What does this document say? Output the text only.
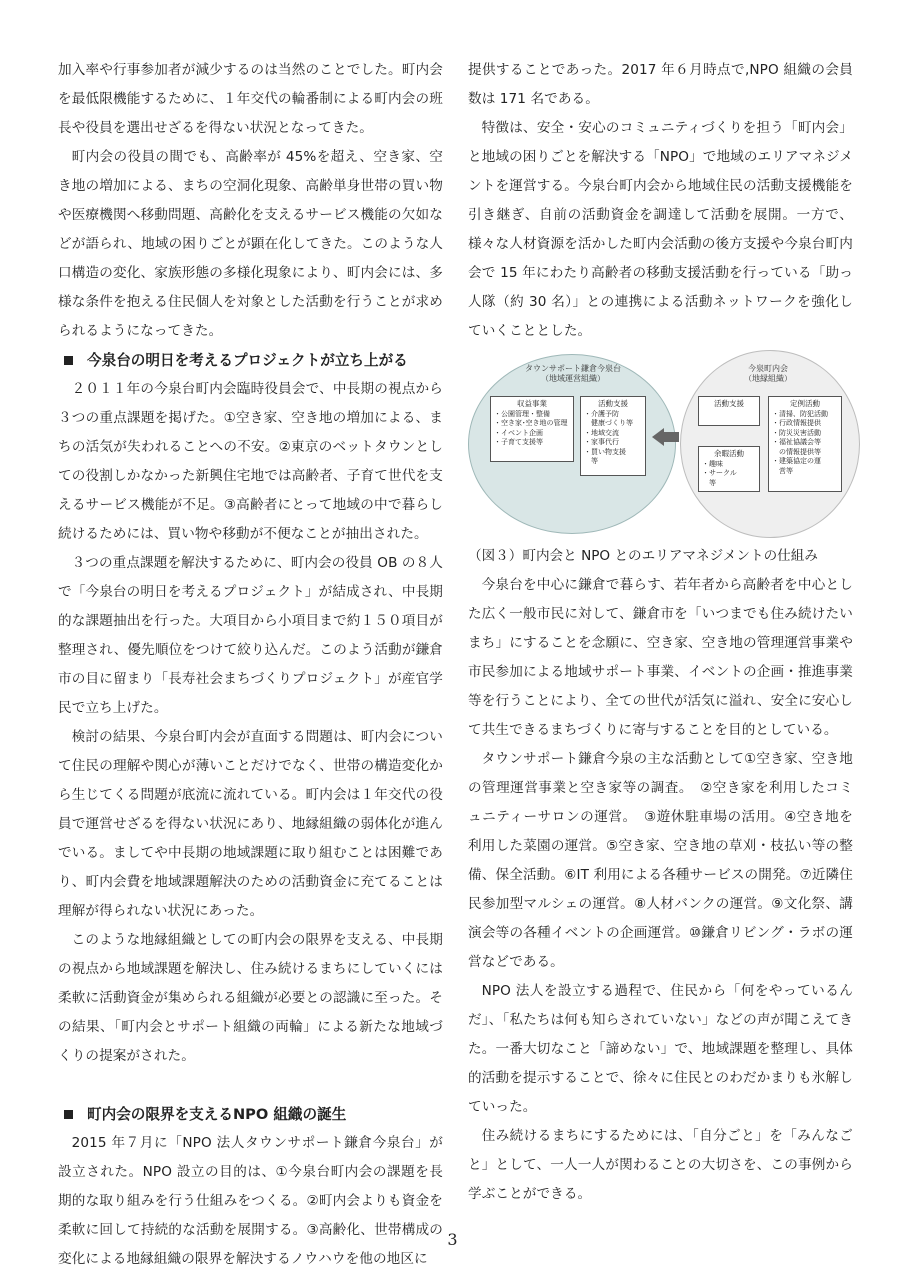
加入率や行事参加者が減少するのは当然のことでした。町内会を最低限機能するために、１年交代の輪番制による町内会の班長や役員を選出せざるを得ない状況となってきた。

町内会の役員の間でも、高齢率が 45%を超え、空き家、空き地の増加による、まちの空洞化現象、高齢単身世帯の買い物や医療機関へ移動問題、高齢化を支えるサービス機能の欠如などが語られ、地域の困りごとが顕在化してきた。このような人口構造の変化、家族形態の多様化現象により、町内会には、多様な条件を抱える住民個人を対象とした活動を行うことが求められるようになってきた。

今泉台の明日を考えるプロジェクトが立ち上がる

２０１１年の今泉台町内会臨時役員会で、中長期の視点から３つの重点課題を掲げた。①空き家、空き地の増加による、まちの活気が失われることへの不安。②東京のベットタウンとしての役割しかなかった新興住宅地では高齢者、子育て世代を支えるサービス機能が不足。③高齢者にとって地域の中で暮らし続けるためには、買い物や移動が不便なことが抽出された。

３つの重点課題を解決するために、町内会の役員 OB の８人で「今泉台の明日を考えるプロジェクト」が結成され、中長期的な課題抽出を行った。大項目から小項目まで約１５０項目が整理され、優先順位をつけて絞り込んだ。このよう活動が鎌倉市の目に留まり「長寿社会まちづくりプロジェクト」が産官学民で立ち上げた。

検討の結果、今泉台町内会が直面する問題は、町内会について住民の理解や関心が薄いことだけでなく、世帯の構造変化から生じてくる問題が底流に流れている。町内会は１年交代の役員で運営せざるを得ない状況にあり、地縁組織の弱体化が進んでいる。ましてや中長期の地域課題に取り組むことは困難であり、町内会費を地域課題解決のための活動資金に充てることは理解が得られない状況にあった。

このような地縁組織としての町内会の限界を支える、中長期の視点から地域課題を解決し、住み続けるまちにしていくには柔軟に活動資金が集められる組織が必要との認識に至った。その結果、「町内会とサポート組織の両輪」による新たな地域づくりの提案がされた。

町内会の限界を支えるNPO 組織の誕生

2015 年７月に「NPO 法人タウンサポート鎌倉今泉台」が設立された。NPO 設立の目的は、①今泉台町内会の課題を長期的な取り組みを行う仕組みをつくる。②町内会よりも資金を柔軟に回して持続的な活動を展開する。③高齢化、世帯構成の変化による地縁組織の限界を解決するノウハウを他の地区に

提供することであった。2017 年６月時点で,NPO 組織の会員数は 171 名である。

特徴は、安全・安心のコミュニティづくりを担う「町内会」と地域の困りごとを解決する「NPO」で地域のエリアマネジメントを運営する。今泉台町内会から地域住民の活動支援機能を引き継ぎ、自前の活動資金を調達して活動を展開。一方で、様々な人材資源を活かした町内会活動の後方支援や今泉台町内会で 15 年にわたり高齢者の移動支援活動を行っている「助っ人隊（約 30 名）」との連携による活動ネットワークを強化していくこととした。

タウンサポート鎌倉今泉台
（地域運営組織）
今泉町内会
（地縁組織）
収益事業
・公園管理・整備
・空き家･空き地の管理
・イベント企画
・子育て支援等
活動支援
・介護予防
　健康づくり等
・地域交流
・家事代行
・買い物支援
　等
活動支援	定例活動
・清掃、防犯活動
・行政情報提供
・防災災害活動
・福祉協議会等
　の情報提供等
・建築協定の運
　営等
余暇活動
・趣味
・サークル
　等

（図３）町内会と NPO とのエリアマネジメントの仕組み

今泉台を中心に鎌倉で暮らす、若年者から高齢者を中心とした広く一般市民に対して、鎌倉市を「いつまでも住み続けたいまち」にすることを念願に、空き家、空き地の管理運営事業や市民参加による地域サポート事業、イベントの企画・推進事業等を行うことにより、全ての世代が活気に溢れ、安全に安心して共生できるまちづくりに寄与することを目的としている。

タウンサポート鎌倉今泉の主な活動として①空き家、空き地の管理運営事業と空き家等の調査。　②空き家を利用したコミュニティーサロンの運営。　③遊休駐車場の活用。④空き地を利用した菜園の運営。⑤空き家、空き地の草刈・枝払い等の整備、保全活動。⑥IT 利用による各種サービスの開発。⑦近隣住民参加型マルシェの運営。⑧人材バンクの運営。⑨文化祭、講演会等の各種イベントの企画運営。⑩鎌倉リビング・ラボの運営などである。

NPO 法人を設立する過程で、住民から「何をやっているんだ」、「私たちは何も知らされていない」などの声が聞こえてきた。一番大切なこと「諦めない」で、地域課題を整理し、具体的活動を提示することで、徐々に住民とのわだかまりも氷解していった。

住み続けるまちにするためには、「自分ごと」を「みんなごと」として、一人一人が関わることの大切さを、この事例から学ぶことができる。

3
